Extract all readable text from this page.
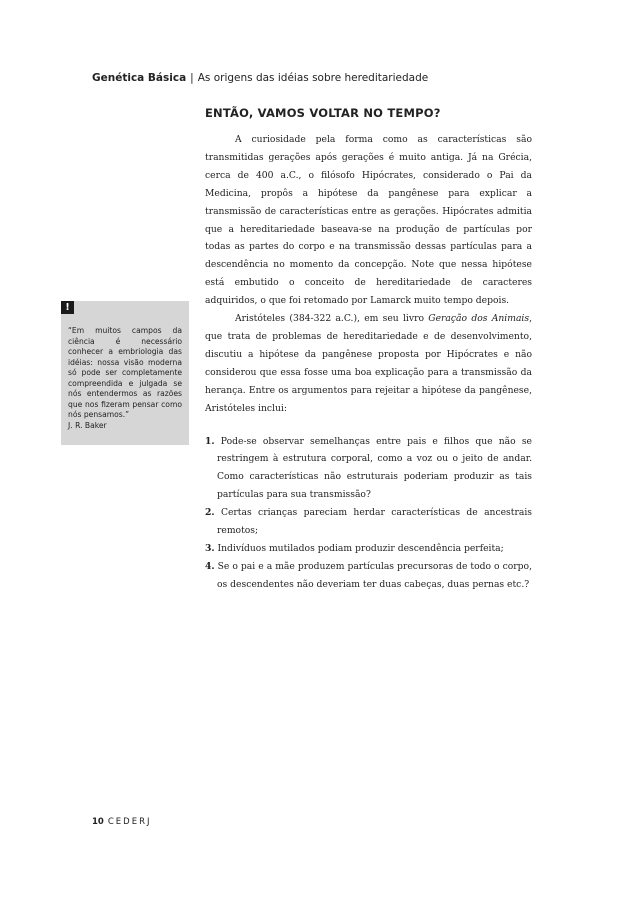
Genética Básica | As origens das idéias sobre hereditariedade
!
“Em muitos campos da ciência é necessário conhecer a embriologia das idéias: nossa visão moderna só pode ser completamente compreendida e julgada se nós entendermos as razões que nos fizeram pensar como nós pensamos.”
J. R. Baker
ENTÃO, VAMOS VOLTAR NO TEMPO?

A curiosidade pela forma como as características são transmitidas gerações após gerações é muito antiga. Já na Grécia, cerca de 400 a.C., o filósofo Hipócrates, considerado o Pai da Medicina, propôs a hipótese da pangênese para explicar a transmissão de características entre as gerações. Hipócrates admitia que a hereditariedade baseava-se na produção de partículas por todas as partes do corpo e na transmissão dessas partículas para a descendência no momento da concepção. Note que nessa hipótese está embutido o conceito de hereditariedade de caracteres adquiridos, o que foi retomado por Lamarck muito tempo depois.

Aristóteles (384-322 a.C.), em seu livro Geração dos Animais, que trata de problemas de hereditariedade e de desenvolvimento, discutiu a hipótese da pangênese proposta por Hipócrates e não considerou que essa fosse uma boa explicação para a transmissão da herança. Entre os argumentos para rejeitar a hipótese da pangênese, Aristóteles inclui:

1. Pode-se observar semelhanças entre pais e filhos que não se restringem à estrutura corporal, como a voz ou o jeito de andar. Como características não estruturais poderiam produzir as tais partículas para sua transmissão?
2. Certas crianças pareciam herdar características de ancestrais remotos;
3. Indivíduos mutilados podiam produzir descendência perfeita;
4. Se o pai e a mãe produzem partículas precursoras de todo o corpo, os descendentes não deveriam ter duas cabeças, duas pernas etc.?
10 CEDERJ
